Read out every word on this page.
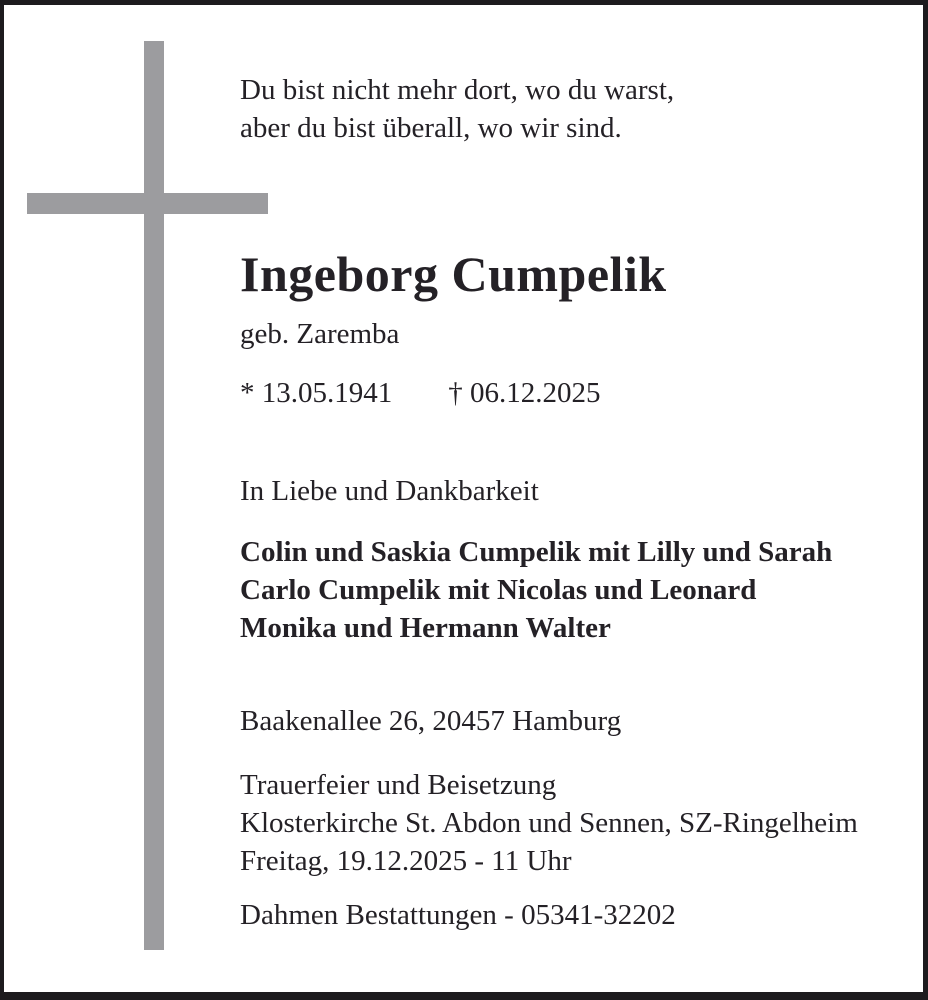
Du bist nicht mehr dort, wo du warst,
aber du bist überall, wo wir sind.
Ingeborg Cumpelik
geb. Zaremba
* 13.05.1941 † 06.12.2025
In Liebe und Dankbarkeit
Colin und Saskia Cumpelik mit Lilly und Sarah
Carlo Cumpelik mit Nicolas und Leonard
Monika und Hermann Walter
Baakenallee 26, 20457 Hamburg
Trauerfeier und Beisetzung
Klosterkirche St. Abdon und Sennen, SZ-Ringelheim
Freitag, 19.12.2025 - 11 Uhr
Dahmen Bestattungen - 05341-32202
